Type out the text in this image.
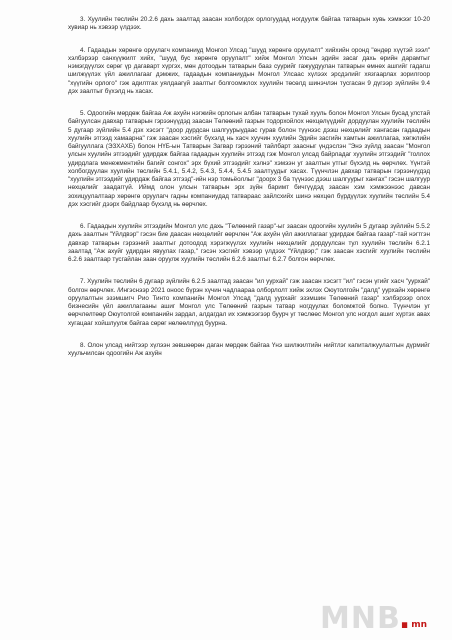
3. Хуулийн төслийн 20.2.6 дахь заалтад заасан холбогдох орлогуудад ногдуулж байгаа татварын хувь хэмжээг 10-20 хувиар нь хэвээр үлдээх.

4. Гадаадын хөрөнгө оруулагч компаниуд Монгол Улсад "шууд хөрөнгө оруулалт" хийхийн оронд "өндөр хүүтэй зээл" хэлбэрээр санхүүжилт хийх, "шууд бус хөрөнгө оруулалт" хийж Монгол Улсын эдийн засаг дахь өрийн дарамтыг нэмэгдүүлэх сөрөг үр дагаварт хүргэх, мөн дотоодын татварын бааз суурийг гажуудуулан татварын өмнөх ашгийг гадагш шилжүүлэх үйл ажиллагааг дэмжих, гадаадын компаниудын Монгол Улсаас хүлээх эрсдэлийг хязгаарлах зорилгоор "хүүгийн орлого" гэж адилтгах уялдаагүй заалтыг болгоомжлох хуулийн төсөлд шинэчлэн тусгасан 9 дүгээр зүйлийн 9.4 дэх заалтыг бүхэлд нь хасах.

5. Одоогийн мөрдөж байгаа Аж ахуйн нэгжийн орлогын албан татварын тухай хууль болон Монгол Улсын бусад улстай байгуулсан давхар татварын гэрээнүүдэд заасан Төлөөний газрын тодорхойлох нөхцөлүүдийг дордуулан хуулийн төслийн 5 дугаар зүйлийн 5.4 дэх хэсэгт "доор дурдсан шалгуурыудаас гурав болон түүнээс дээш нөхцөлийг хангасан гадаадын хуулийн этгээд хамаарна" гэж заасан хэсгийг бүхэлд нь хасч хуучин хуулийн Эдийн засгийн хамтын ажиллагаа, хөгжлийн байгууллага (ЭЗХАХБ) болон НҮБ-ын Татварын Загвар гэрээний тайлбарт заасныг үндэслэн "Энэ зүйлд заасан "Монгол улсын хуулийн этгээдийг удирдаж байгаа гадаадын хуулийн этгээд гэж Монгол улсад байрладаг хуулийн этгээдийг "голлох удирдлага менежментийн багийг сонгох" эрх бүхий этгээдийг хэлнэ" хэмээн уг заалтын утгыг бүхэлд нь өөрчлөх. Үүнтэй холбогдуулан хуулийн төслийн 5.4.1, 5.4.2, 5.4.3, 5.4.4, 5.4.5 заалтуудыг хасах. Түүнчлэн давхар татварын гэрээнүүдэд "хуулийн этгээдийг удирдаж байгаа этгээд"-ийн нэр томьёоллыг "доорх 3 ба түүнээс дээш шалгуурыг хангах" гэсэн шалгуур нөхцөлийг заадаггүй. Иймд олон улсын татварын эрх зүйн баримт бичгүүдэд заасан хэм хэмжээнээс давсан зохицуулалтаар хөрөнгө оруулагч гадны компаниудад татвараас зайлсхийх шинэ нөхцөл бүрдүүлэх хуулийн төслийн 5.4 дэх хэсгийг дээрх байдлаар бүхэлд нь өөрчлөх.

6. Гадаадын хуулийн этгээдийн Монгол улс дахь "Төлөөний газар"-ыг заасан одоогийн хуулийн 5 дугаар зүйлийн 5.5.2 дахь заалтын "Үйлдвэр" гэсэн бие даасан нөхцөлийг өөрчлөн "Аж ахуйн үйл ажиллагааг удирдаж байгаа газар"-тай нэгтгэн давхар татварын гэрээний заалтыг дотоодод хэрэгжүүлэх хуулийн нөхцөлийг дордуулсан тул хуулийн төслийн 6.2.1 заалтад "Аж ахуйг удирдан явуулах газар," гэсэн хэсгийг хэвээр үлдээх "Үйлдвэр;" гэж заасан хэсгийг хуулийн төслийн 6.2.6 заалтаар тусгайлан заан оруулж хуулийн төслийн 6.2.6 заалтыг 6.2.7 болгон өөрчлөх.

7. Хуулийн төслийн 6 дугаар зүйлийн 6.2.5 заалтад заасан "ил уурхай" гэж заасан хэсэгт "ил" гэсэн үгийг хасч "уурхай" болгон өөрчлөх. /Ингэснээр 2021 оноос бүрэн хүчин чадлаараа олборлолт хийж эхлэх Оюутолгойн "далд" уурхайн хөрөнгө оруулалтын эзэмшигч Рио Тинто компанийн Монгол Улсад "далд уурхайг эзэмшин Төлөөний газар" хэлбэрээр олох бизнесийн үйл ажиллагааны ашиг Монгол улс Төлөөний газрын татвар ногдуулах боломжтой болно. Түүнчлэн уг өөрчлөлтөөр Оюутолгой компанийн зардал, алдагдал их хэмжээгээр буурч уг төслөөс Монгол улс ногдол ашиг хүртэх авах хугацааг хойшлуулж байгаа сөрөг нөлөөллүүд буурна.

8. Олон улсад нийтээр хүлээн зөвшөөрөн даган мөрдөж байгаа Үнэ шилжилтийн нийтлэг капиталжуулалтын дүрмийг хуульчилсан одоогийн Аж ахуйн

MNB
. mn
